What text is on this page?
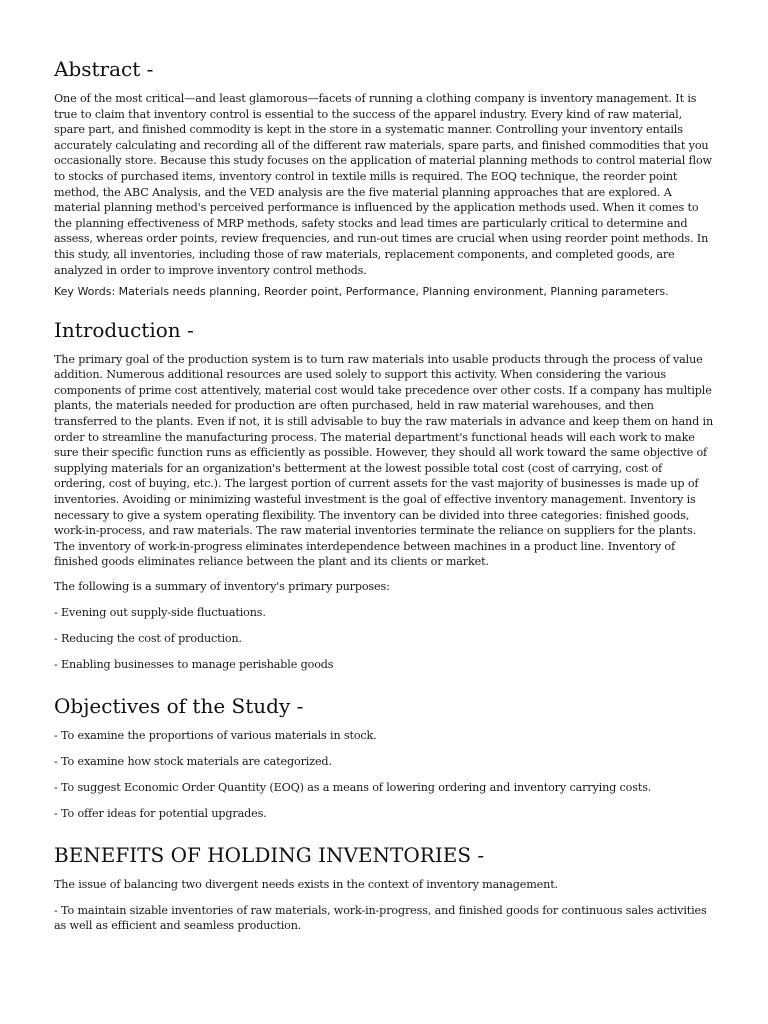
Abstract -

One of the most critical—and least glamorous—facets of running a clothing company is inventory management. It is true to claim that inventory control is essential to the success of the apparel industry. Every kind of raw material, spare part, and finished commodity is kept in the store in a systematic manner. Controlling your inventory entails accurately calculating and recording all of the different raw materials, spare parts, and finished commodities that you occasionally store. Because this study focuses on the application of material planning methods to control material flow to stocks of purchased items, inventory control in textile mills is required. The EOQ technique, the reorder point method, the ABC Analysis, and the VED analysis are the five material planning approaches that are explored. A material planning method's perceived performance is influenced by the application methods used. When it comes to the planning effectiveness of MRP methods, safety stocks and lead times are particularly critical to determine and assess, whereas order points, review frequencies, and run-out times are crucial when using reorder point methods. In this study, all inventories, including those of raw materials, replacement components, and completed goods, are analyzed in order to improve inventory control methods.

Key Words: Materials needs planning, Reorder point, Performance, Planning environment, Planning parameters.

Introduction -

The primary goal of the production system is to turn raw materials into usable products through the process of value addition. Numerous additional resources are used solely to support this activity. When considering the various components of prime cost attentively, material cost would take precedence over other costs. If a company has multiple plants, the materials needed for production are often purchased, held in raw material warehouses, and then transferred to the plants. Even if not, it is still advisable to buy the raw materials in advance and keep them on hand in order to streamline the manufacturing process. The material department's functional heads will each work to make sure their specific function runs as efficiently as possible. However, they should all work toward the same objective of supplying materials for an organization's betterment at the lowest possible total cost (cost of carrying, cost of ordering, cost of buying, etc.). The largest portion of current assets for the vast majority of businesses is made up of inventories. Avoiding or minimizing wasteful investment is the goal of effective inventory management. Inventory is necessary to give a system operating flexibility. The inventory can be divided into three categories: finished goods, work-in-process, and raw materials. The raw material inventories terminate the reliance on suppliers for the plants. The inventory of work-in-progress eliminates interdependence between machines in a product line. Inventory of finished goods eliminates reliance between the plant and its clients or market.

The following is a summary of inventory's primary purposes:

- Evening out supply-side fluctuations.

- Reducing the cost of production.

- Enabling businesses to manage perishable goods

Objectives of the Study -

- To examine the proportions of various materials in stock.

- To examine how stock materials are categorized.

- To suggest Economic Order Quantity (EOQ) as a means of lowering ordering and inventory carrying costs.

- To offer ideas for potential upgrades.

BENEFITS OF HOLDING INVENTORIES -

The issue of balancing two divergent needs exists in the context of inventory management.

- To maintain sizable inventories of raw materials, work-in-progress, and finished goods for continuous sales activities as well as efficient and seamless production.
